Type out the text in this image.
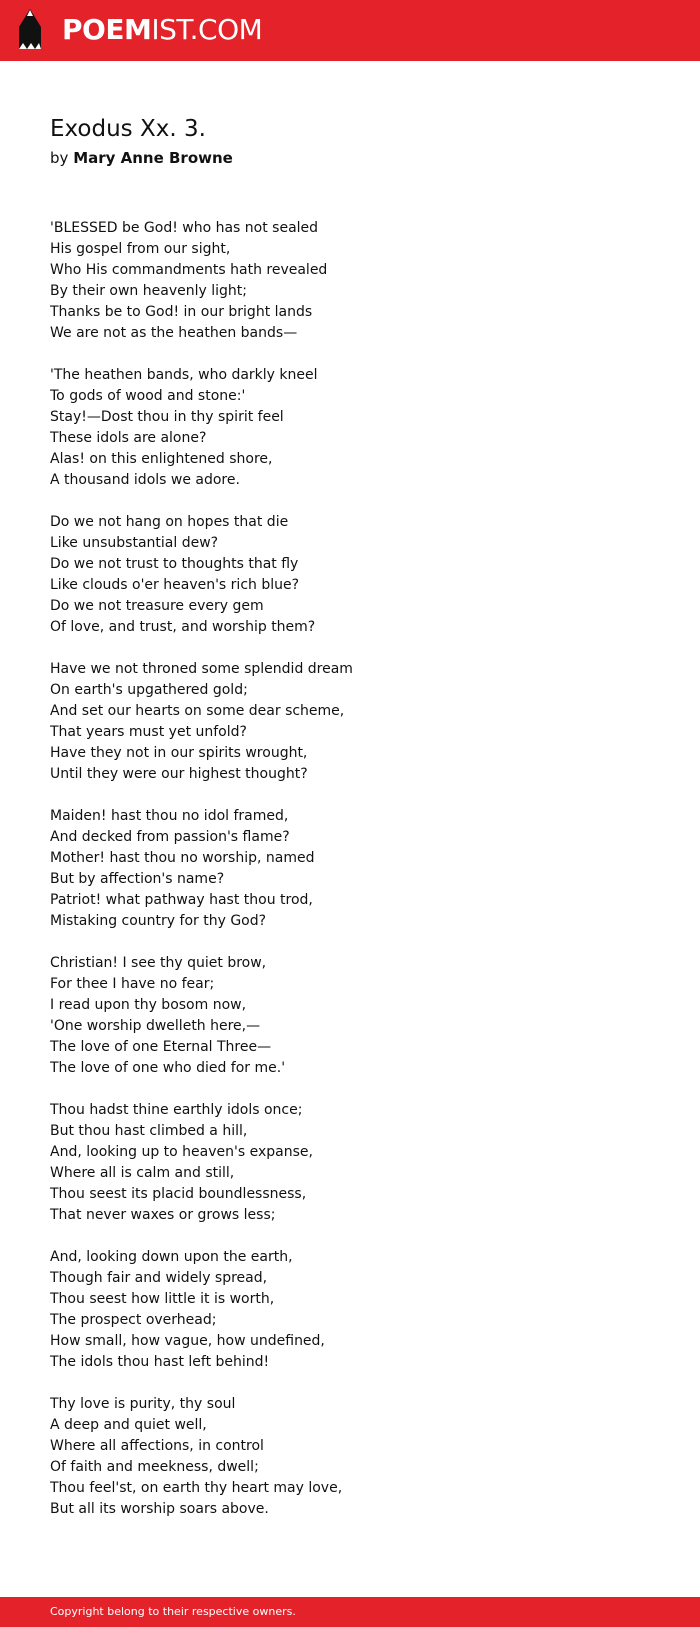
POEMIST.COM
Exodus Xx. 3.
by Mary Anne Browne
'BLESSED be God! who has not sealed
His gospel from our sight,
Who His commandments hath revealed
By their own heavenly light;
Thanks be to God! in our bright lands
We are not as the heathen bands—
'The heathen bands, who darkly kneel
To gods of wood and stone:'
Stay!—Dost thou in thy spirit feel
These idols are alone?
Alas! on this enlightened shore,
A thousand idols we adore.
Do we not hang on hopes that die
Like unsubstantial dew?
Do we not trust to thoughts that fly
Like clouds o'er heaven's rich blue?
Do we not treasure every gem
Of love, and trust, and worship them?
Have we not throned some splendid dream
On earth's upgathered gold;
And set our hearts on some dear scheme,
That years must yet unfold?
Have they not in our spirits wrought,
Until they were our highest thought?
Maiden! hast thou no idol framed,
And decked from passion's flame?
Mother! hast thou no worship, named
But by affection's name?
Patriot! what pathway hast thou trod,
Mistaking country for thy God?
Christian! I see thy quiet brow,
For thee I have no fear;
I read upon thy bosom now,
'One worship dwelleth here,—
The love of one Eternal Three—
The love of one who died for me.'
Thou hadst thine earthly idols once;
But thou hast climbed a hill,
And, looking up to heaven's expanse,
Where all is calm and still,
Thou seest its placid boundlessness,
That never waxes or grows less;
And, looking down upon the earth,
Though fair and widely spread,
Thou seest how little it is worth,
The prospect overhead;
How small, how vague, how undefined,
The idols thou hast left behind!
Thy love is purity, thy soul
A deep and quiet well,
Where all affections, in control
Of faith and meekness, dwell;
Thou feel'st, on earth thy heart may love,
But all its worship soars above.
Copyright belong to their respective owners.
